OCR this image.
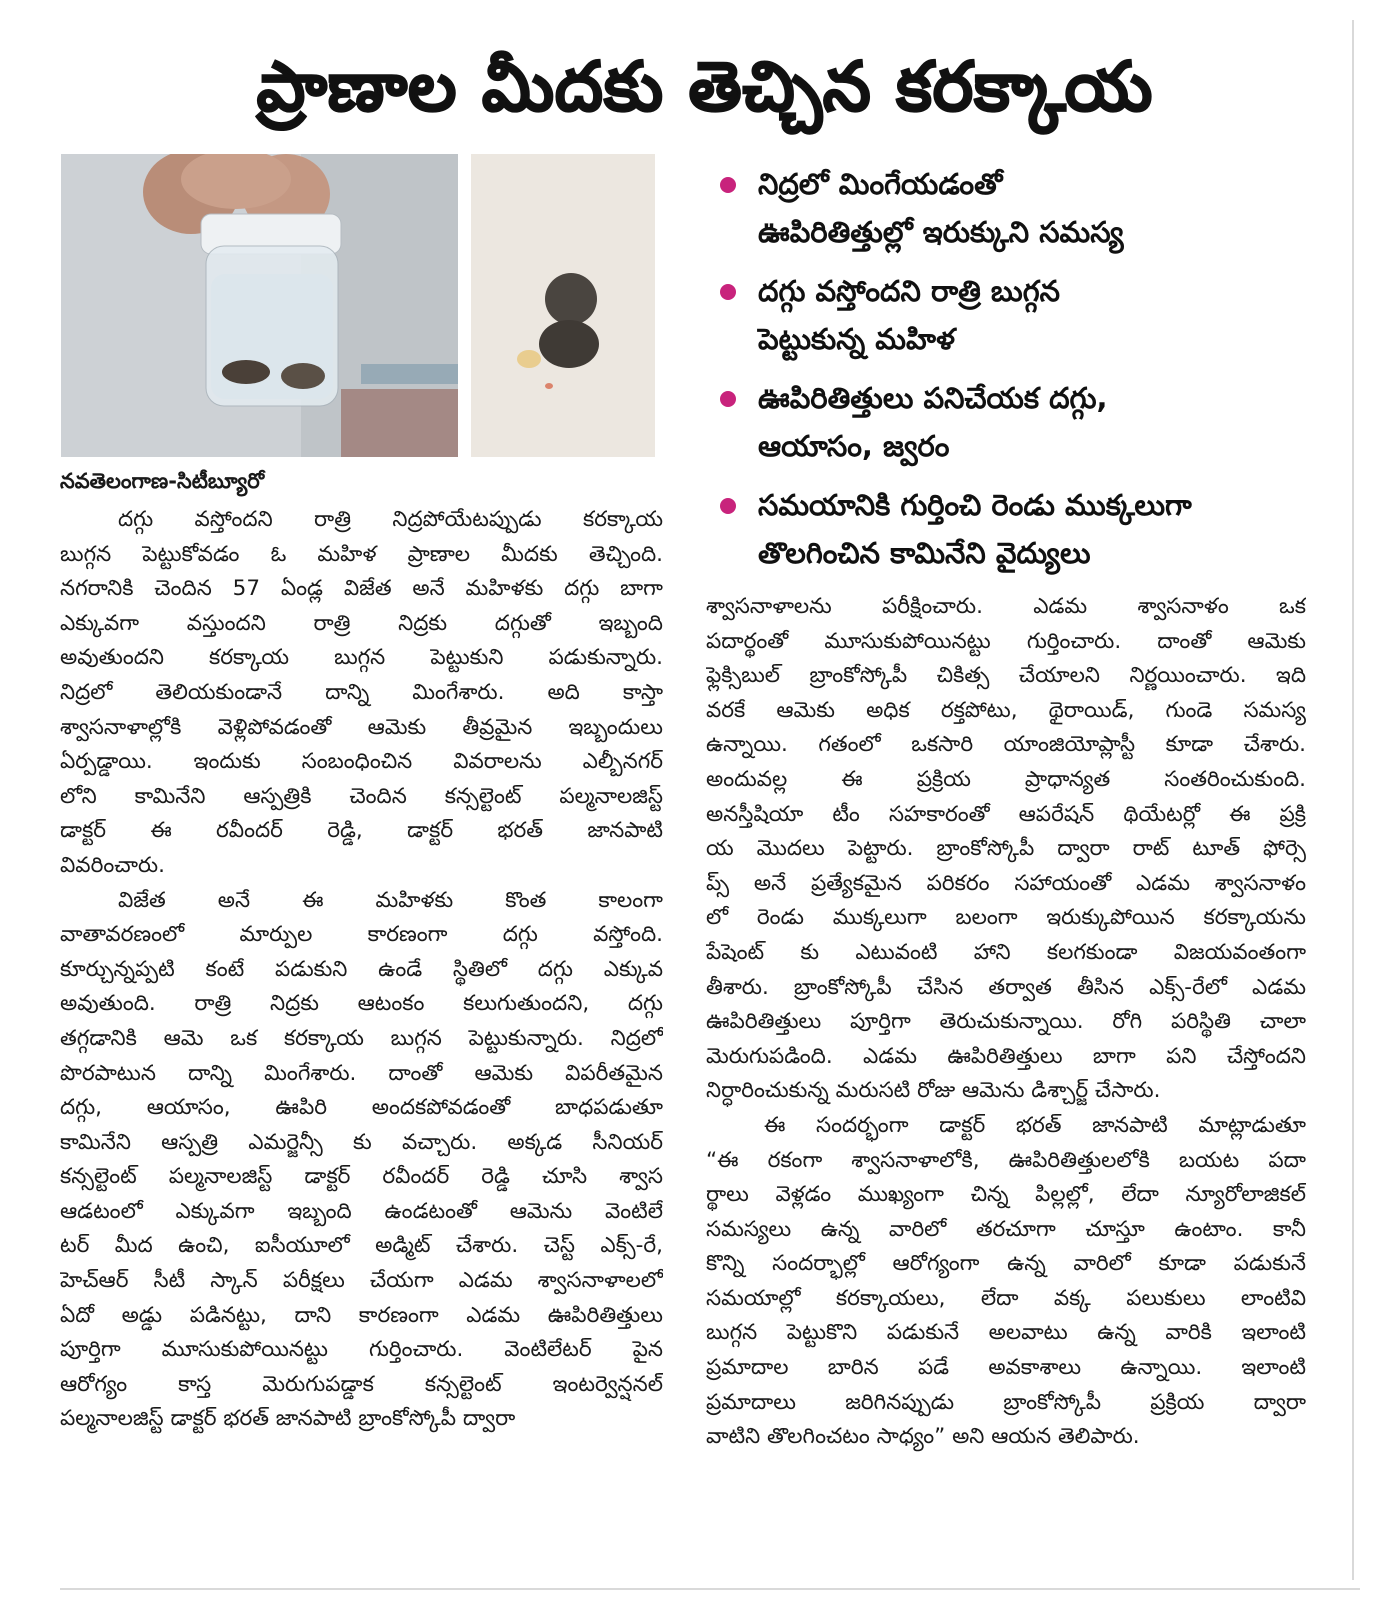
ప్రాణాల మీదకు తెచ్చిన కరక్కాయ
నిద్రలో మింగేయడంతో
ఊపిరితిత్తుల్లో ఇరుక్కుని సమస్య
దగ్గు వస్తోందని రాత్రి బుగ్గన
పెట్టుకున్న మహిళ
ఊపిరితిత్తులు పనిచేయక దగ్గు,
ఆయాసం, జ్వరం
సమయానికి గుర్తించి రెండు ముక్కలుగా
తొలగించిన కామినేని వైద్యులు
నవతెలంగాణ-సిటీబ్యూరో
దగ్గు వస్తోందని రాత్రి నిద్రపోయేటప్పుడు కరక్కాయ
బుగ్గన పెట్టుకోవడం ఓ మహిళ ప్రాణాల మీదకు తెచ్చింది.
నగరానికి చెందిన 57 ఏండ్ల విజేత అనే మహిళకు దగ్గు బాగా
ఎక్కువగా వస్తుందని రాత్రి నిద్రకు దగ్గుతో ఇబ్బంది
అవుతుందని కరక్కాయ బుగ్గన పెట్టుకుని పడుకున్నారు.
నిద్రలో తెలియకుండానే దాన్ని మింగేశారు. అది కాస్తా
శ్వాసనాళాల్లోకి వెళ్లిపోవడంతో ఆమెకు తీవ్రమైన ఇబ్బందులు
ఏర్పడ్డాయి. ఇందుకు సంబంధించిన వివరాలను ఎల్బీనగర్
లోని కామినేని ఆస్పత్రికి చెందిన కన్సల్టెంట్ పల్మనాలజిస్ట్
డాక్టర్ ఈ రవీందర్ రెడ్డి, డాక్టర్ భరత్ జానపాటి
వివరించారు.
విజేత అనే ఈ మహిళకు కొంత కాలంగా
వాతావరణంలో మార్పుల కారణంగా దగ్గు వస్తోంది.
కూర్చున్నప్పటి కంటే పడుకుని ఉండే స్థితిలో దగ్గు ఎక్కువ
అవుతుంది. రాత్రి నిద్రకు ఆటంకం కలుగుతుందని, దగ్గు
తగ్గడానికి ఆమె ఒక కరక్కాయ బుగ్గన పెట్టుకున్నారు. నిద్రలో
పొరపాటున దాన్ని మింగేశారు. దాంతో ఆమెకు విపరీతమైన
దగ్గు, ఆయాసం, ఊపిరి అందకపోవడంతో బాధపడుతూ
కామినేని ఆస్పత్రి ఎమర్జెన్సీ కు వచ్చారు. అక్కడ సీనియర్
కన్సల్టెంట్ పల్మనాలజిస్ట్ డాక్టర్ రవీందర్ రెడ్డి చూసి శ్వాస
ఆడటంలో ఎక్కువగా ఇబ్బంది ఉండటంతో ఆమెను వెంటిలే
టర్ మీద ఉంచి, ఐసీయూలో అడ్మిట్ చేశారు. చెస్ట్ ఎక్స్-రే,
హెచ్ఆర్ సీటీ స్కాన్ పరీక్షలు చేయగా ఎడమ శ్వాసనాళాలలో
ఏదో అడ్డు పడినట్టు, దాని కారణంగా ఎడమ ఊపిరితిత్తులు
పూర్తిగా మూసుకుపోయినట్టు గుర్తించారు. వెంటిలేటర్ పైన
ఆరోగ్యం కాస్త మెరుగుపడ్డాక కన్సల్టెంట్ ఇంటర్వెన్షనల్
పల్మనాలజిస్ట్ డాక్టర్ భరత్ జానపాటి బ్రాంకోస్కోపీ ద్వారా
శ్వాసనాళాలను పరీక్షించారు. ఎడమ శ్వాసనాళం ఒక
పదార్థంతో మూసుకుపోయినట్టు గుర్తించారు. దాంతో ఆమెకు
ఫ్లెక్సిబుల్ బ్రాంకోస్కోపీ చికిత్స చేయాలని నిర్ణయించారు. ఇది
వరకే ఆమెకు అధిక రక్తపోటు, థైరాయిడ్, గుండె సమస్య
ఉన్నాయి. గతంలో ఒకసారి యాంజియోప్లాస్టీ కూడా చేశారు.
అందువల్ల ఈ ప్రక్రియ ప్రాధాన్యత సంతరించుకుంది.
అనస్తీషియా టీం సహకారంతో ఆపరేషన్ థియేటర్లో ఈ ప్రక్రి
య మొదలు పెట్టారు. బ్రాంకోస్కోపీ ద్వారా రాట్ టూత్ ఫోర్సె
ప్స్ అనే ప్రత్యేకమైన పరికరం సహాయంతో ఎడమ శ్వాసనాళం
లో రెండు ముక్కలుగా బలంగా ఇరుక్కుపోయిన కరక్కాయను
పేషెంట్ కు ఎటువంటి హాని కలగకుండా విజయవంతంగా
తీశారు. బ్రాంకోస్కోపీ చేసిన తర్వాత తీసిన ఎక్స్-రేలో ఎడమ
ఊపిరితిత్తులు పూర్తిగా తెరుచుకున్నాయి. రోగి పరిస్థితి చాలా
మెరుగుపడింది. ఎడమ ఊపిరితిత్తులు బాగా పని చేస్తోందని
నిర్ధారించుకున్న మరుసటి రోజు ఆమెను డిశ్చార్జ్ చేసారు.
ఈ సందర్భంగా డాక్టర్ భరత్ జానపాటి మాట్లాడుతూ
“ఈ రకంగా శ్వాసనాళాలోకి, ఊపిరితిత్తులలోకి బయట పదా
ర్థాలు వెళ్లడం ముఖ్యంగా చిన్న పిల్లల్లో, లేదా న్యూరోలాజికల్
సమస్యలు ఉన్న వారిలో తరచూగా చూస్తూ ఉంటాం. కానీ
కొన్ని సందర్భాల్లో ఆరోగ్యంగా ఉన్న వారిలో కూడా పడుకునే
సమయాల్లో కరక్కాయలు, లేదా వక్క పలుకులు లాంటివి
బుగ్గన పెట్టుకొని పడుకునే అలవాటు ఉన్న వారికి ఇలాంటి
ప్రమాదాల బారిన పడే అవకాశాలు ఉన్నాయి. ఇలాంటి
ప్రమాదాలు జరిగినప్పుడు బ్రాంకోస్కోపీ ప్రక్రియ ద్వారా
వాటిని తొలగించటం సాధ్యం” అని ఆయన తెలిపారు.
